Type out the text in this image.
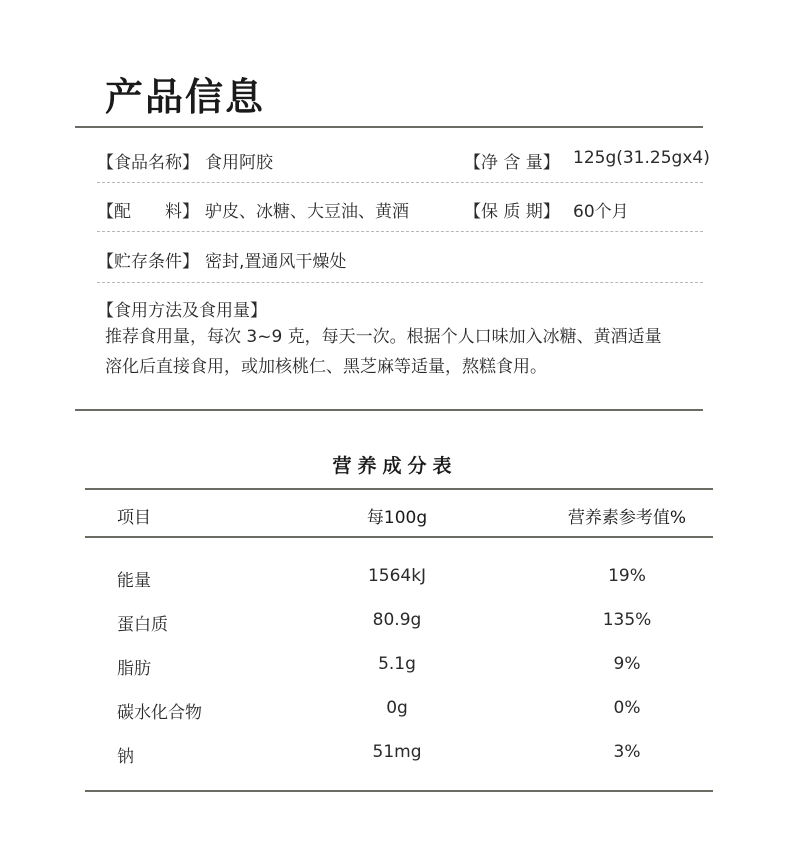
产品信息
【食品名称】 食用阿胶	【净 含 量】 125g(31.25gx4)
【配　　料】 驴皮、冰糖、大豆油、黄酒	【保 质 期】 60个月
【贮存条件】 密封,置通风干燥处
【食用方法及食用量】
推荐食用量，每次 3~9 克，每天一次。根据个人口味加入冰糖、黄酒适量
溶化后直接食用，或加核桃仁、黑芝麻等适量，熬糕食用。
营养成分表
项目	每100g	营养素参考值%
能量	1564kJ	19%
蛋白质	80.9g	135%
脂肪	5.1g	9%
碳水化合物	0g	0%
钠	51mg	3%
